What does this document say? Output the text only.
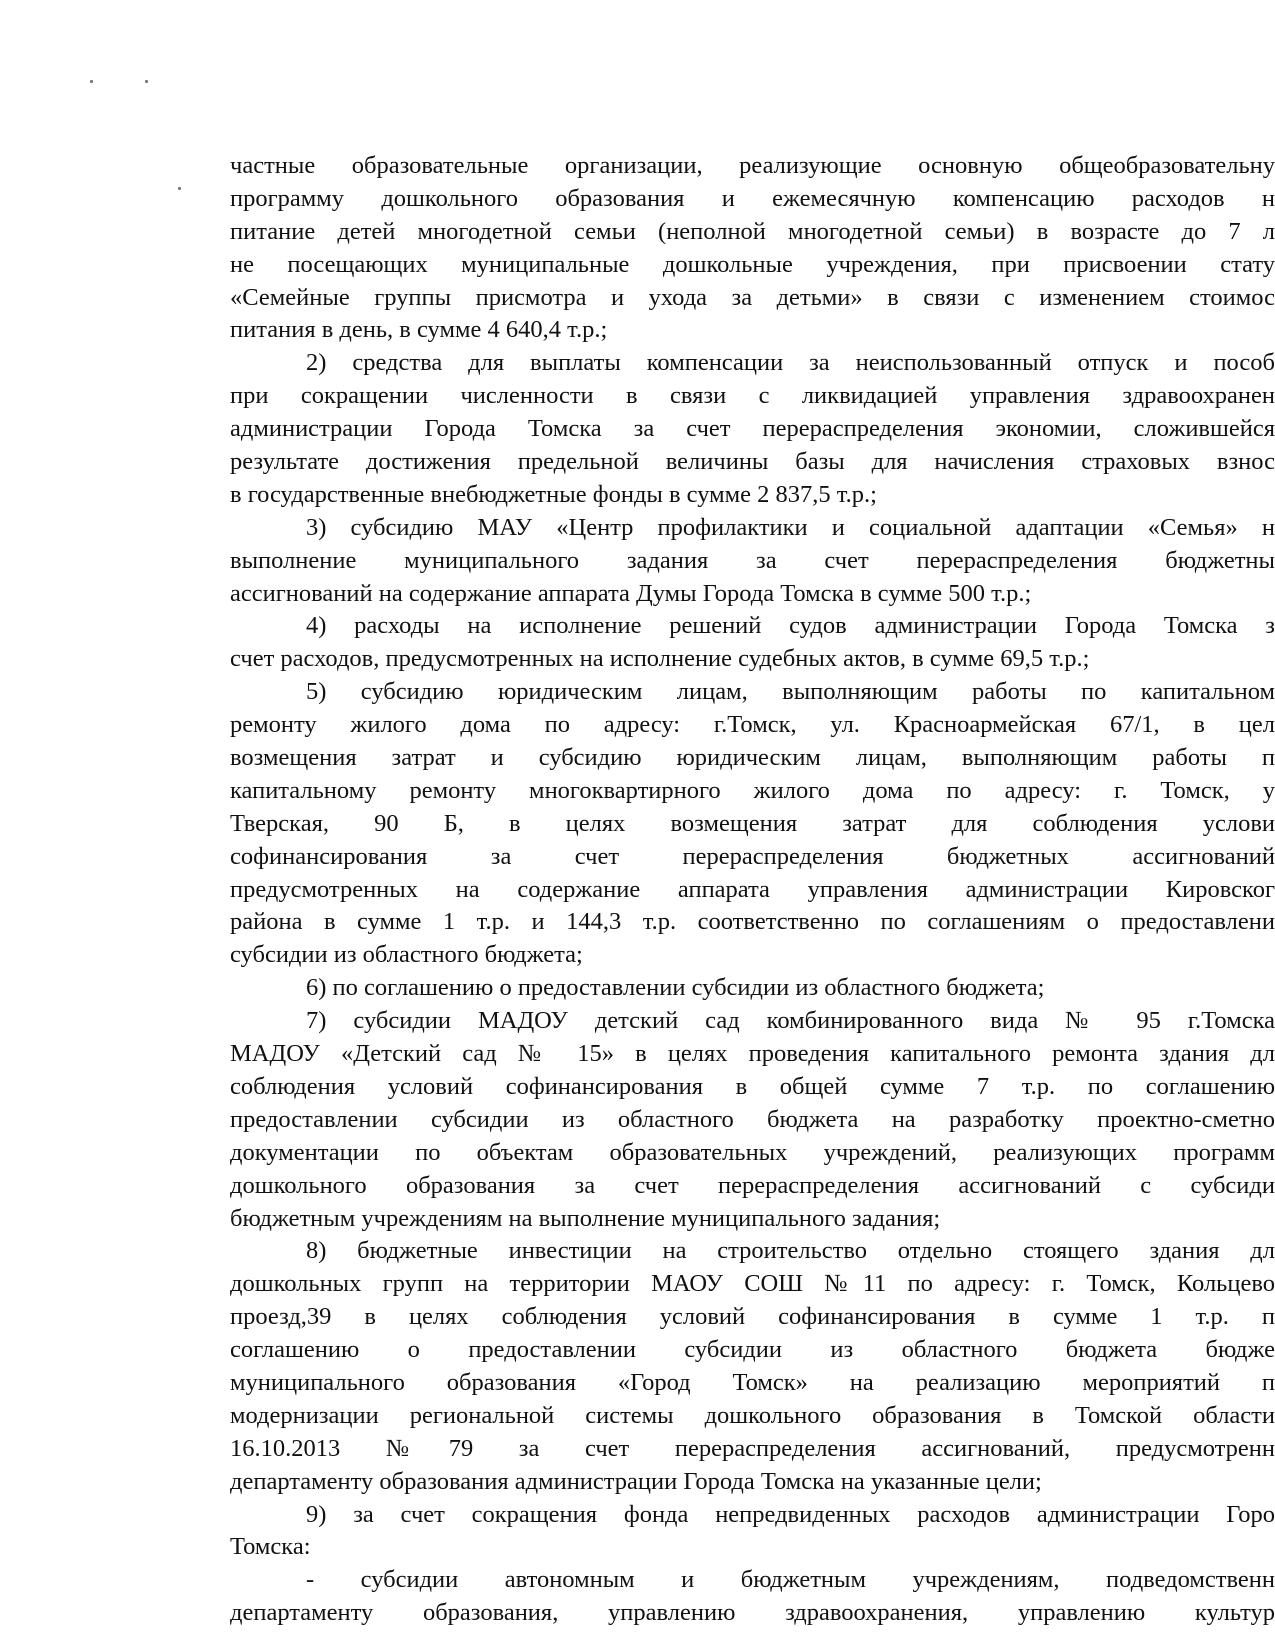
частные образовательные организации, реализующие основную общеобразовательну
программу дошкольного образования и ежемесячную компенсацию расходов н
питание детей многодетной семьи (неполной многодетной семьи) в возрасте до 7 л
не посещающих муниципальные дошкольные учреждения, при присвоении стату
«Семейные группы присмотра и ухода за детьми» в связи с изменением стоимос
питания в день, в сумме 4 640,4 т.р.;
2) средства для выплаты компенсации за неиспользованный отпуск и пособ
при сокращении численности в связи с ликвидацией управления здравоохранен
администрации Города Томска за счет перераспределения экономии, сложившейся
результате достижения предельной величины базы для начисления страховых взнос
в государственные внебюджетные фонды в сумме 2 837,5 т.р.;
3) субсидию МАУ «Центр профилактики и социальной адаптации «Семья» н
выполнение муниципального задания за счет перераспределения бюджетны
ассигнований на содержание аппарата Думы Города Томска в сумме 500 т.р.;
4) расходы на исполнение решений судов администрации Города Томска з
счет расходов, предусмотренных на исполнение судебных актов, в сумме 69,5 т.р.;
5) субсидию юридическим лицам, выполняющим работы по капитальном
ремонту жилого дома по адресу: г.Томск, ул. Красноармейская 67/1, в цел
возмещения затрат и субсидию юридическим лицам, выполняющим работы п
капитальному ремонту многоквартирного жилого дома по адресу: г. Томск, у
Тверская, 90 Б, в целях возмещения затрат для соблюдения услови
софинансирования за счет перераспределения бюджетных ассигнований
предусмотренных на содержание аппарата управления администрации Кировског
района в сумме 1 т.р. и 144,3 т.р. соответственно по соглашениям о предоставлени
субсидии из областного бюджета;
6) по соглашению о предоставлении субсидии из областного бюджета;
7) субсидии МАДОУ детский сад комбинированного вида № 95 г.Томска
МАДОУ «Детский сад № 15» в целях проведения капитального ремонта здания дл
соблюдения условий софинансирования в общей сумме 7 т.р. по соглашению
предоставлении субсидии из областного бюджета на разработку проектно-сметно
документации по объектам образовательных учреждений, реализующих программ
дошкольного образования за счет перераспределения ассигнований с субсиди
бюджетным учреждениям на выполнение муниципального задания;
8) бюджетные инвестиции на строительство отдельно стоящего здания дл
дошкольных групп на территории МАОУ СОШ №11 по адресу: г. Томск, Кольцево
проезд,39 в целях соблюдения условий софинансирования в сумме 1 т.р. п
соглашению о предоставлении субсидии из областного бюджета бюдже
муниципального образования «Город Томск» на реализацию мероприятий п
модернизации региональной системы дошкольного образования в Томской области
16.10.2013 №79 за счет перераспределения ассигнований, предусмотренн
департаменту образования администрации Города Томска на указанные цели;
9) за счет сокращения фонда непредвиденных расходов администрации Горо
Томска:
- субсидии автономным и бюджетным учреждениям, подведомственн
департаменту образования, управлению здравоохранения, управлению культур
